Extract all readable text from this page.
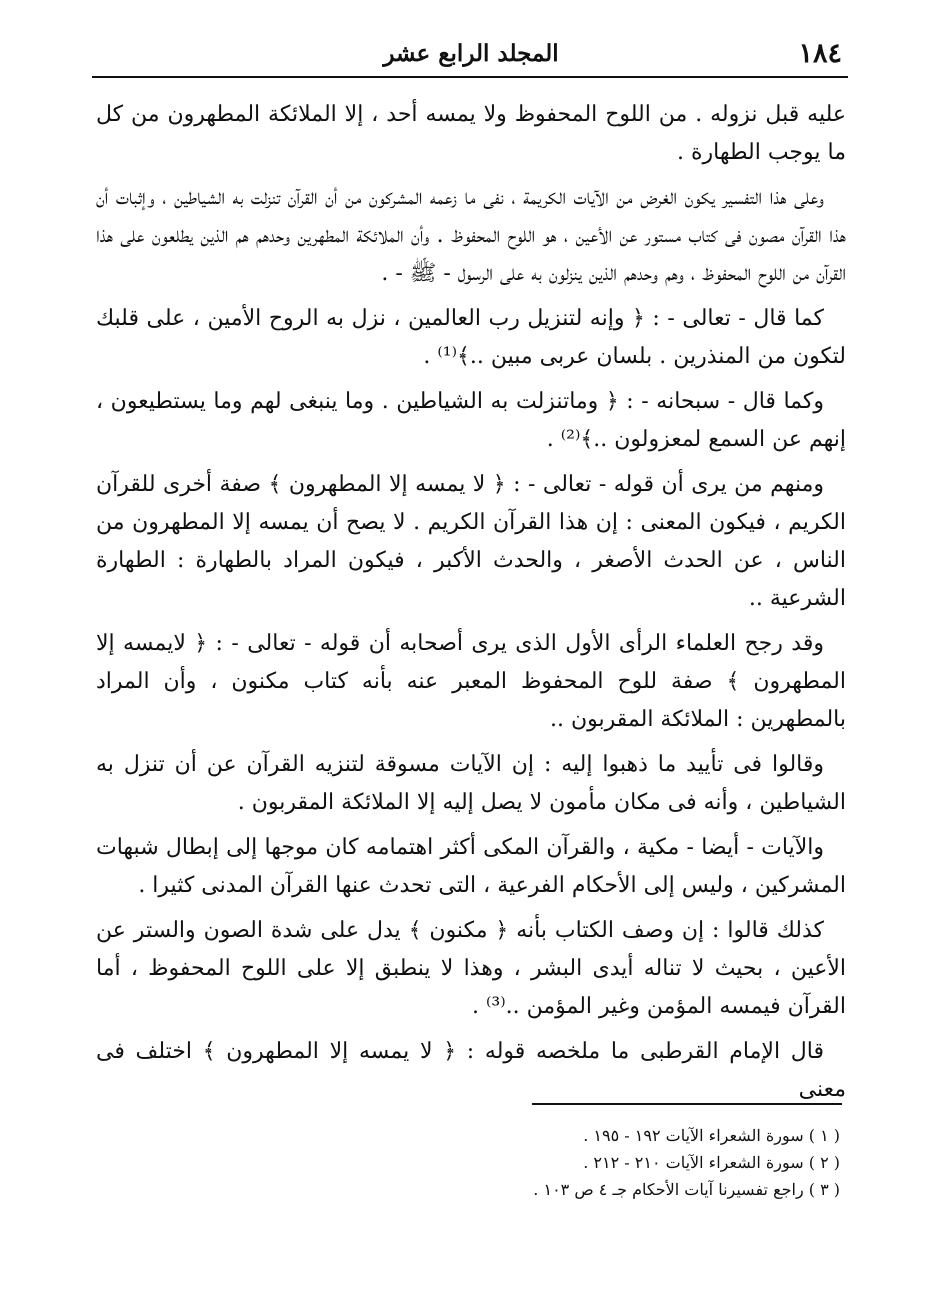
١٨٤
المجلد الرابع عشر

عليه قبل نزوله . من اللوح المحفوظ ولا يمسه أحد ، إلا الملائكة المطهرون من كل ما يوجب الطهارة .

وعلى هذا التفسير يكون الغرض من الآيات الكريمة ، نفى ما زعمه المشركون من أن القرآن تنزلت به الشياطين ، وإثبات أن هذا القرآن مصون فى كتاب مستور عن الأعين ، هو اللوح المحفوظ . وأن الملائكة المطهرين وحدهم هم الذين يطلعون على هذا القرآن من اللوح المحفوظ ، وهم وحدهم الذين ينزلون به على الرسول - ﷺ - .

كما قال - تعالى - : ﴿ وإنه لتنزيل رب العالمين ، نزل به الروح الأمين ، على قلبك لتكون من المنذرين . بلسان عربى مبين ..﴾⁽¹⁾ .

وكما قال - سبحانه - : ﴿ وماتنزلت به الشياطين . وما ينبغى لهم وما يستطيعون ، إنهم عن السمع لمعزولون ..﴾⁽²⁾ .

ومنهم من يرى أن قوله - تعالى - : ﴿ لا يمسه إلا المطهرون ﴾ صفة أخرى للقرآن الكريم ، فيكون المعنى : إن هذا القرآن الكريم . لا يصح أن يمسه إلا المطهرون من الناس ، عن الحدث الأصغر ، والحدث الأكبر ، فيكون المراد بالطهارة : الطهارة الشرعية ..

وقد رجح العلماء الرأى الأول الذى يرى أصحابه أن قوله - تعالى - : ﴿ لايمسه إلا المطهرون ﴾ صفة للوح المحفوظ المعبر عنه بأنه كتاب مكنون ، وأن المراد بالمطهرين : الملائكة المقربون ..

وقالوا فى تأييد ما ذهبوا إليه : إن الآيات مسوقة لتنزيه القرآن عن أن تنزل به الشياطين ، وأنه فى مكان مأمون لا يصل إليه إلا الملائكة المقربون .

والآيات - أيضا - مكية ، والقرآن المكى أكثر اهتمامه كان موجها إلى إبطال شبهات المشركين ، وليس إلى الأحكام الفرعية ، التى تحدث عنها القرآن المدنى كثيرا .

كذلك قالوا : إن وصف الكتاب بأنه ﴿ مكنون ﴾ يدل على شدة الصون والستر عن الأعين ، بحيث لا تناله أيدى البشر ، وهذا لا ينطبق إلا على اللوح المحفوظ ، أما القرآن فيمسه المؤمن وغير المؤمن ..⁽³⁾ .

قال الإمام القرطبى ما ملخصه قوله : ﴿ لا يمسه إلا المطهرون ﴾ اختلف فى معنى

( ١ ) سورة الشعراء الآيات ١٩٢ - ١٩٥ .
( ٢ ) سورة الشعراء الآيات ٢١٠ - ٢١٢ .
( ٣ ) راجع تفسيرنا آيات الأحكام جـ ٤ ص ١٠٣ .
